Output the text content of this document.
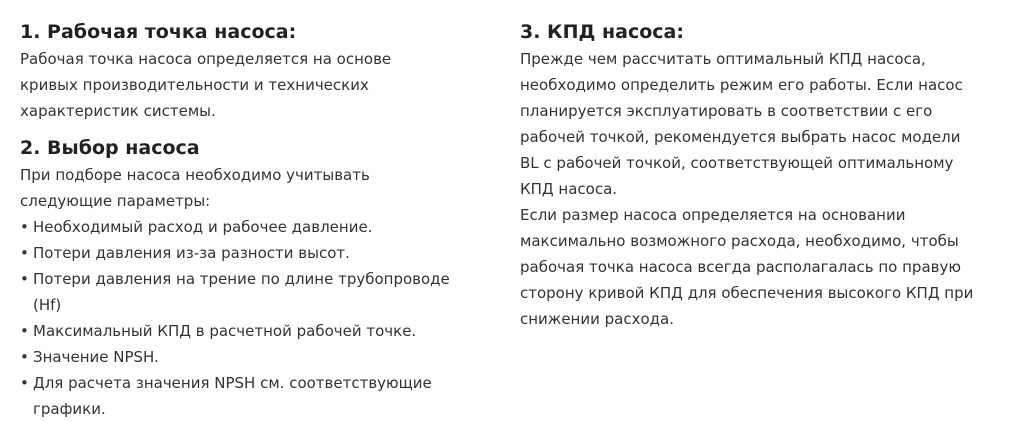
1. Рабочая точка насоса:

Рабочая точка насоса определяется на основе
кривых производительности и технических
характеристик системы.

2. Выбор насоса

При подборе насоса необходимо учитывать
следующие параметры:

• Необходимый расход и рабочее давление.
• Потери давления из-за разности высот.
• Потери давления на трение по длине трубопроводе
(Hf)
• Максимальный КПД в расчетной рабочей точке.
• Значение NPSH.
• Для расчета значения NPSH см. соответствующие
графики.
3. КПД насоса:

Прежде чем рассчитать оптимальный КПД насоса,
необходимо определить режим его работы. Если насос
планируется эксплуатировать в соответствии с его
рабочей точкой, рекомендуется выбрать насос модели
BL с рабочей точкой, соответствующей оптимальному
КПД насоса.

Если размер насоса определяется на основании
максимально возможного расхода, необходимо, чтобы
рабочая точка насоса всегда располагалась по правую
сторону кривой КПД для обеспечения высокого КПД при
снижении расхода.
